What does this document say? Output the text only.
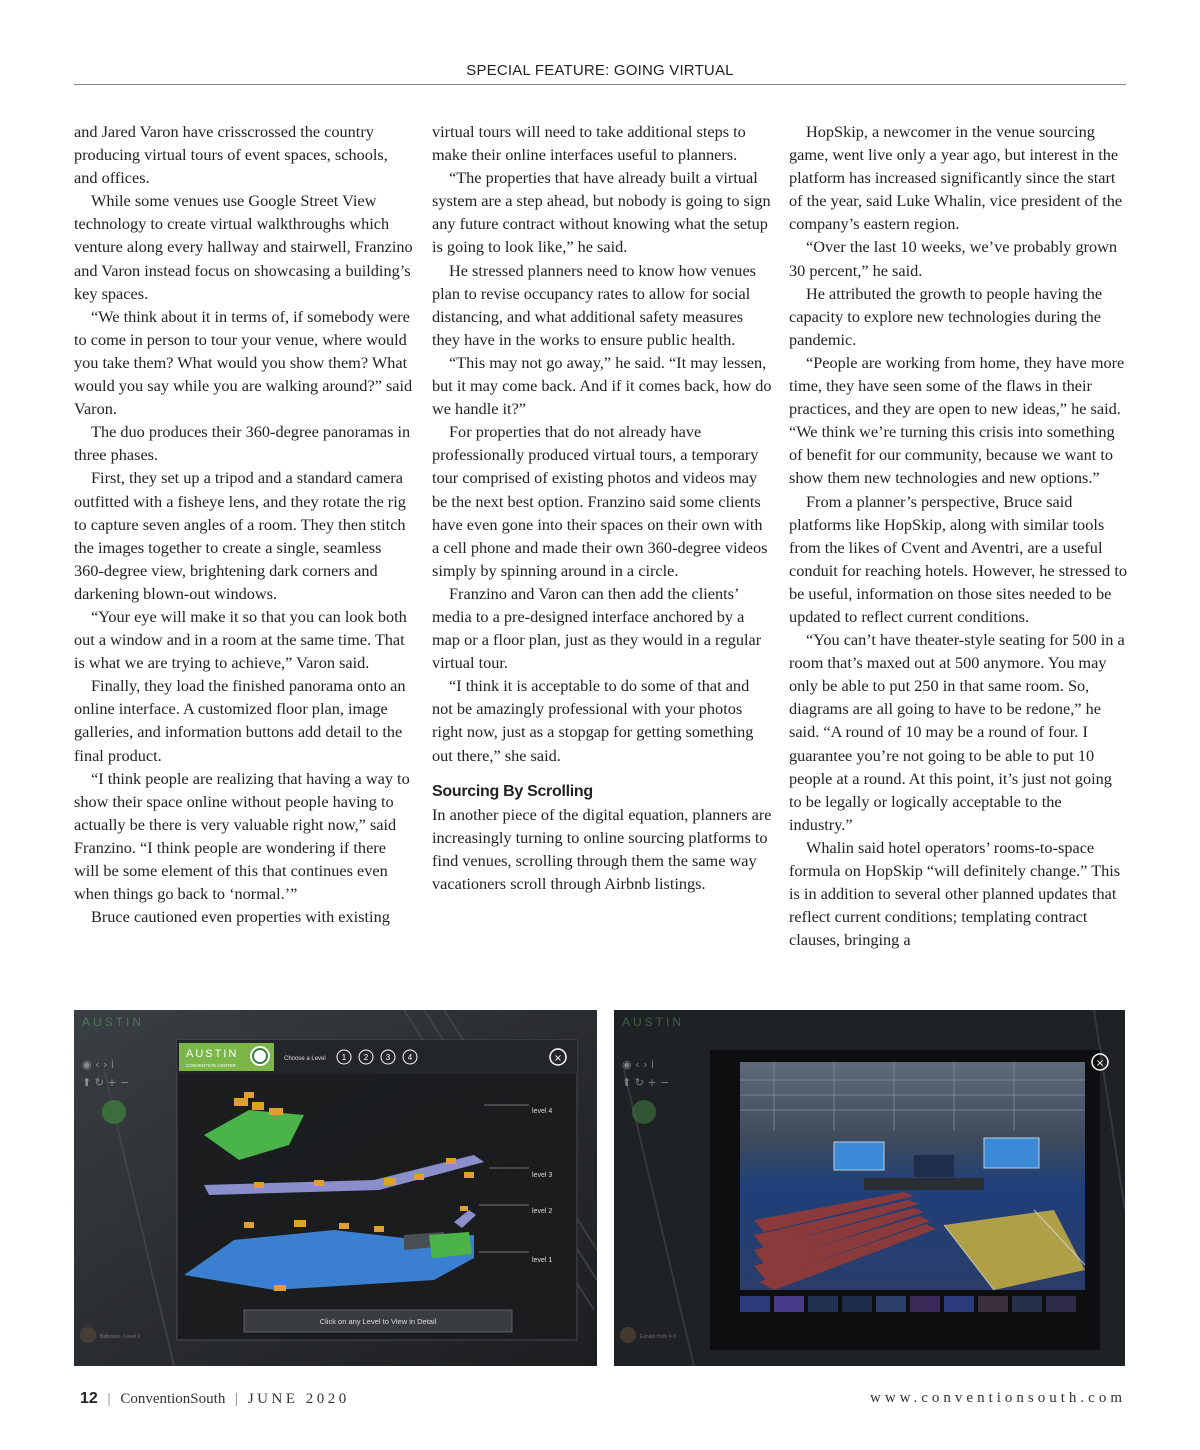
SPECIAL FEATURE: GOING VIRTUAL

and Jared Varon have crisscrossed the country producing virtual tours of event spaces, schools, and offices.

While some venues use Google Street View technology to create virtual walkthroughs which venture along every hallway and stairwell, Franzino and Varon instead focus on showcasing a building’s key spaces.

“We think about it in terms of, if somebody were to come in person to tour your venue, where would you take them? What would you show them? What would you say while you are walking around?” said Varon.

The duo produces their 360-degree panoramas in three phases.

First, they set up a tripod and a standard camera outfitted with a fisheye lens, and they rotate the rig to capture seven angles of a room. They then stitch the images together to create a single, seamless 360-degree view, brightening dark corners and darkening blown-out windows.

“Your eye will make it so that you can look both out a window and in a room at the same time. That is what we are trying to achieve,” Varon said.

Finally, they load the finished panorama onto an online interface. A customized floor plan, image galleries, and information buttons add detail to the final product.

“I think people are realizing that having a way to show their space online without people having to actually be there is very valuable right now,” said Franzino. “I think people are wondering if there will be some element of this that continues even when things go back to ‘normal.’”

Bruce cautioned even properties with existing

virtual tours will need to take additional steps to make their online interfaces useful to planners.

“The properties that have already built a virtual system are a step ahead, but nobody is going to sign any future contract without knowing what the setup is going to look like,” he said.

He stressed planners need to know how venues plan to revise occupancy rates to allow for social distancing, and what additional safety measures they have in the works to ensure public health.

“This may not go away,” he said. “It may lessen, but it may come back. And if it comes back, how do we handle it?”

For properties that do not already have professionally produced virtual tours, a temporary tour comprised of existing photos and videos may be the next best option. Franzino said some clients have even gone into their spaces on their own with a cell phone and made their own 360-degree videos simply by spinning around in a circle.

Franzino and Varon can then add the clients’ media to a pre-designed interface anchored by a map or a floor plan, just as they would in a regular virtual tour.

“I think it is acceptable to do some of that and not be amazingly professional with your photos right now, just as a stopgap for getting something out there,” she said.

Sourcing By Scrolling

In another piece of the digital equation, planners are increasingly turning to online sourcing platforms to find venues, scrolling through them the same way vacationers scroll through Airbnb listings.

HopSkip, a newcomer in the venue sourcing game, went live only a year ago, but interest in the platform has increased significantly since the start of the year, said Luke Whalin, vice president of the company’s eastern region.

“Over the last 10 weeks, we’ve probably grown 30 percent,” he said.

He attributed the growth to people having the capacity to explore new technologies during the pandemic.

“People are working from home, they have more time, they have seen some of the flaws in their practices, and they are open to new ideas,” he said. “We think we’re turning this crisis into something of benefit for our community, because we want to show them new technologies and new options.”

From a planner’s perspective, Bruce said platforms like HopSkip, along with similar tools from the likes of Cvent and Aventri, are a useful conduit for reaching hotels. However, he stressed to be useful, information on those sites needed to be updated to reflect current conditions.

“You can’t have theater-style seating for 500 in a room that’s maxed out at 500 anymore. You may only be able to put 250 in that same room. So, diagrams are all going to have to be redone,” he said. “A round of 10 may be a round of four. I guarantee you’re not going to be able to put 10 people at a round. At this point, it’s just not going to be legally or logically acceptable to the industry.”

Whalin said hotel operators’ rooms-to-space formula on HopSkip “will definitely change.” This is in addition to several other planned updates that reflect current conditions; templating contract clauses, bringing a

AUSTIN
◉ ‹ › i
⬆ ↻ + −
AUSTIN
CONVENTION CENTER
Choose a Level 1 2 3 4	×
level 4
level 3
level 2
level 1
Click on any Level to View in Detail
Ballroom - Level 1
AUSTIN
◉ ‹ › i
⬆ ↻ + −
×
Exhibit Halls 4-5
12 | ConventionSouth | JUNE 2020	www.conventionsouth.com
